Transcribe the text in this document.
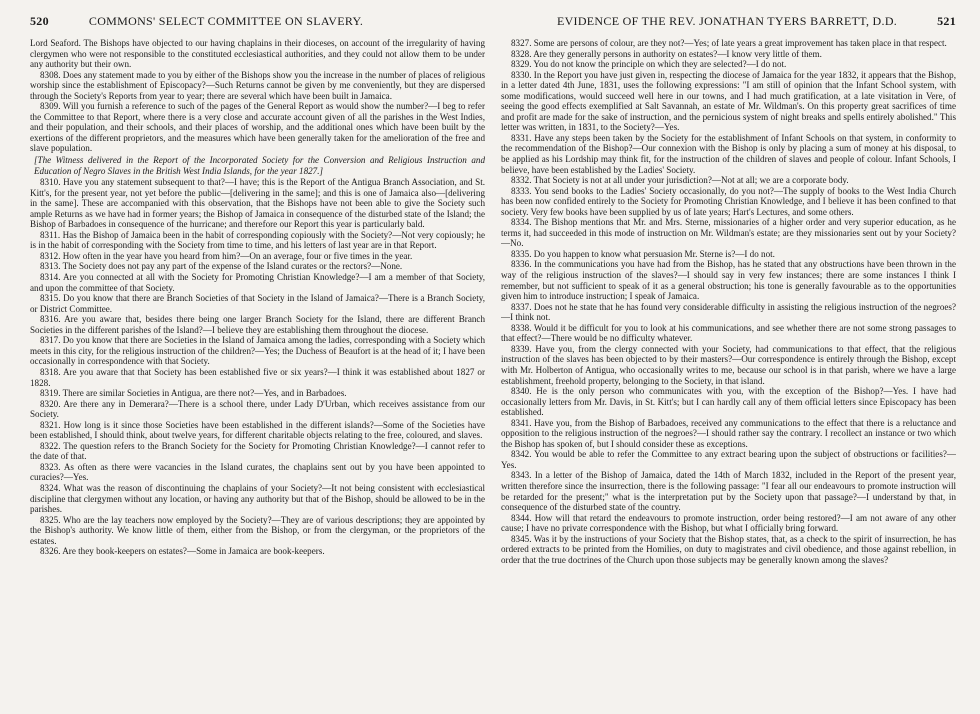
520	COMMONS' SELECT COMMITTEE ON SLAVERY.	EVIDENCE OF THE REV. JONATHAN TYERS BARRETT, D.D.	521

Lord Seaford. The Bishops have objected to our having chaplains in their dioceses, on account of the irregularity of having clergymen who were not responsible to the constituted ecclesiastical authorities, and they could not allow them to be under any authority but their own.

8308. Does any statement made to you by either of the Bishops show you the increase in the number of places of religious worship since the establishment of Episcopacy?—Such Returns cannot be given by me conveniently, but they are dispersed through the Society's Reports from year to year; there are several which have been built in Jamaica.

8309. Will you furnish a reference to such of the pages of the General Report as would show the number?—I beg to refer the Committee to that Report, where there is a very close and accurate account given of all the parishes in the West Indies, and their population, and their schools, and their places of worship, and the additional ones which have been built by the exertions of the different proprietors, and the measures which have been generally taken for the amelioration of the free and slave population.

[The Witness delivered in the Report of the Incorporated Society for the Conversion and Religious Instruction and Education of Negro Slaves in the British West India Islands, for the year 1827.]

8310. Have you any statement subsequent to that?—I have; this is the Report of the Antigua Branch Association, and St. Kitt's, for the present year, not yet before the public—[delivering in the same]; and this is one of Jamaica also—[delivering in the same]. These are accompanied with this observation, that the Bishops have not been able to give the Society such ample Returns as we have had in former years; the Bishop of Jamaica in consequence of the disturbed state of the Island; the Bishop of Barbadoes in consequence of the hurricane; and therefore our Report this year is particularly bald.

8311. Has the Bishop of Jamaica been in the habit of corresponding copiously with the Society?—Not very copiously; he is in the habit of corresponding with the Society from time to time, and his letters of last year are in that Report.

8312. How often in the year have you heard from him?—On an average, four or five times in the year.

8313. The Society does not pay any part of the expense of the Island curates or the rectors?—None.

8314. Are you connected at all with the Society for Promoting Christian Knowledge?—I am a member of that Society, and upon the committee of that Society.

8315. Do you know that there are Branch Societies of that Society in the Island of Jamaica?—There is a Branch Society, or District Committee.

8316. Are you aware that, besides there being one larger Branch Society for the Island, there are different Branch Societies in the different parishes of the Island?—I believe they are establishing them throughout the diocese.

8317. Do you know that there are Societies in the Island of Jamaica among the ladies, corresponding with a Society which meets in this city, for the religious instruction of the children?—Yes; the Duchess of Beaufort is at the head of it; I have been occasionally in correspondence with that Society.

8318. Are you aware that that Society has been established five or six years?—I think it was established about 1827 or 1828.

8319. There are similar Societies in Antigua, are there not?—Yes, and in Barbadoes.

8320. Are there any in Demerara?—There is a school there, under Lady D'Urban, which receives assistance from our Society.

8321. How long is it since those Societies have been established in the different islands?—Some of the Societies have been established, I should think, about twelve years, for different charitable objects relating to the free, coloured, and slaves.

8322. The question refers to the Branch Society for the Society for Promoting Christian Knowledge?—I cannot refer to the date of that.

8323. As often as there were vacancies in the Island curates, the chaplains sent out by you have been appointed to curacies?—Yes.

8324. What was the reason of discontinuing the chaplains of your Society?—It not being consistent with ecclesiastical discipline that clergymen without any location, or having any authority but that of the Bishop, should be allowed to be in the parishes.

8325. Who are the lay teachers now employed by the Society?—They are of various descriptions; they are appointed by the Bishop's authority. We know little of them, either from the Bishop, or from the clergyman, or the proprietors of the estates.

8326. Are they book-keepers on estates?—Some in Jamaica are book-keepers.

8327. Some are persons of colour, are they not?—Yes; of late years a great improvement has taken place in that respect.

8328. Are they generally persons in authority on estates?—I know very little of them.

8329. You do not know the principle on which they are selected?—I do not.

8330. In the Report you have just given in, respecting the diocese of Jamaica for the year 1832, it appears that the Bishop, in a letter dated 4th June, 1831, uses the following expressions: "I am still of opinion that the Infant School system, with some modifications, would succeed well here in our towns, and I had much gratification, at a late visitation in Vere, of seeing the good effects exemplified at Salt Savannah, an estate of Mr. Wildman's. On this property great sacrifices of time and profit are made for the sake of instruction, and the pernicious system of night breaks and spells entirely abolished." This letter was written, in 1831, to the Society?—Yes.

8331. Have any steps been taken by the Society for the establishment of Infant Schools on that system, in conformity to the recommendation of the Bishop?—Our connexion with the Bishop is only by placing a sum of money at his disposal, to be applied as his Lordship may think fit, for the instruction of the children of slaves and people of colour. Infant Schools, I believe, have been established by the Ladies' Society.

8332. That Society is not at all under your jurisdiction?—Not at all; we are a corporate body.

8333. You send books to the Ladies' Society occasionally, do you not?—The supply of books to the West India Church has been now confided entirely to the Society for Promoting Christian Knowledge, and I believe it has been confined to that society. Very few books have been supplied by us of late years; Hart's Lectures, and some others.

8334. The Bishop mentions that Mr. and Mrs. Sterne, missionaries of a higher order and very superior education, as he terms it, had succeeded in this mode of instruction on Mr. Wildman's estate; are they missionaries sent out by your Society?—No.

8335. Do you happen to know what persuasion Mr. Sterne is?—I do not.

8336. In the communications you have had from the Bishop, has he stated that any obstructions have been thrown in the way of the religious instruction of the slaves?—I should say in very few instances; there are some instances I think I remember, but not sufficient to speak of it as a general obstruction; his tone is generally favourable as to the opportunities given him to introduce instruction; I speak of Jamaica.

8337. Does not he state that he has found very considerable difficulty in assisting the religious instruction of the negroes?—I think not.

8338. Would it be difficult for you to look at his communications, and see whether there are not some strong passages to that effect?—There would be no difficulty whatever.

8339. Have you, from the clergy connected with your Society, had communications to that effect, that the religious instruction of the slaves has been objected to by their masters?—Our correspondence is entirely through the Bishop, except with Mr. Holberton of Antigua, who occasionally writes to me, because our school is in that parish, where we have a large establishment, freehold property, belonging to the Society, in that island.

8340. He is the only person who communicates with you, with the exception of the Bishop?—Yes. I have had occasionally letters from Mr. Davis, in St. Kitt's; but I can hardly call any of them official letters since Episcopacy has been established.

8341. Have you, from the Bishop of Barbadoes, received any communications to the effect that there is a reluctance and opposition to the religious instruction of the negroes?—I should rather say the contrary. I recollect an instance or two which the Bishop has spoken of, but I should consider these as exceptions.

8342. You would be able to refer the Committee to any extract bearing upon the subject of obstructions or facilities?—Yes.

8343. In a letter of the Bishop of Jamaica, dated the 14th of March 1832, included in the Report of the present year, written therefore since the insurrection, there is the following passage: "I fear all our endeavours to promote instruction will be retarded for the present;" what is the interpretation put by the Society upon that passage?—I understand by that, in consequence of the disturbed state of the country.

8344. How will that retard the endeavours to promote instruction, order being restored?—I am not aware of any other cause; I have no private correspondence with the Bishop, but what I officially bring forward.

8345. Was it by the instructions of your Society that the Bishop states, that, as a check to the spirit of insurrection, he has ordered extracts to be printed from the Homilies, on duty to magistrates and civil obedience, and those against rebellion, in order that the true doctrines of the Church upon those subjects may be generally known among the slaves?
